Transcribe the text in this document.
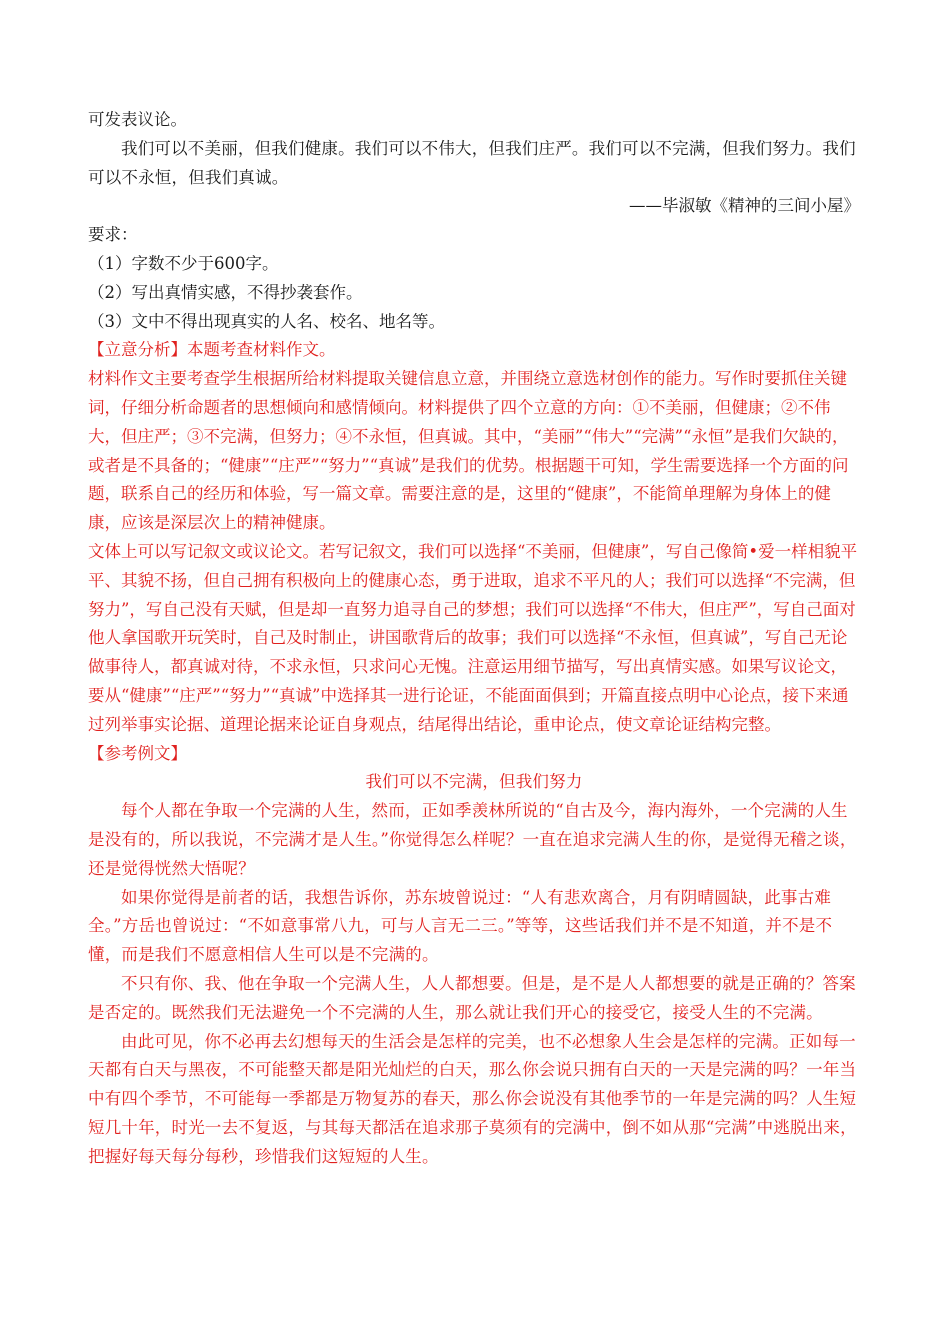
可发表议论。

我们可以不美丽，但我们健康。我们可以不伟大，但我们庄严。我们可以不完满，但我们努力。我们可以不永恒，但我们真诚。

——毕淑敏《精神的三间小屋》

要求：

（1）字数不少于600字。

（2）写出真情实感，不得抄袭套作。

（3）文中不得出现真实的人名、校名、地名等。

【立意分析】本题考查材料作文。

材料作文主要考查学生根据所给材料提取关键信息立意，并围绕立意选材创作的能力。写作时要抓住关键词，仔细分析命题者的思想倾向和感情倾向。材料提供了四个立意的方向：①不美丽，但健康；②不伟大，但庄严；③不完满，但努力；④不永恒，但真诚。其中，“美丽”“伟大”“完满”“永恒”是我们欠缺的，或者是不具备的；“健康”“庄严”“努力”“真诚”是我们的优势。根据题干可知，学生需要选择一个方面的问题，联系自己的经历和体验，写一篇文章。需要注意的是，这里的“健康”，不能简单理解为身体上的健康，应该是深层次上的精神健康。

文体上可以写记叙文或议论文。若写记叙文，我们可以选择“不美丽，但健康”，写自己像简•爱一样相貌平平、其貌不扬，但自己拥有积极向上的健康心态，勇于进取，追求不平凡的人；我们可以选择“不完满，但努力”，写自己没有天赋，但是却一直努力追寻自己的梦想；我们可以选择“不伟大，但庄严”，写自己面对他人拿国歌开玩笑时，自己及时制止，讲国歌背后的故事；我们可以选择“不永恒，但真诚”，写自己无论做事待人，都真诚对待，不求永恒，只求问心无愧。注意运用细节描写，写出真情实感。如果写议论文，要从“健康”“庄严”“努力”“真诚”中选择其一进行论证，不能面面俱到；开篇直接点明中心论点，接下来通过列举事实论据、道理论据来论证自身观点，结尾得出结论，重申论点，使文章论证结构完整。

【参考例文】

我们可以不完满，但我们努力

每个人都在争取一个完满的人生，然而，正如季羡林所说的“自古及今，海内海外，一个完满的人生是没有的，所以我说，不完满才是人生。”你觉得怎么样呢？一直在追求完满人生的你，是觉得无稽之谈，还是觉得恍然大悟呢？

如果你觉得是前者的话，我想告诉你，苏东坡曾说过：“人有悲欢离合，月有阴晴圆缺，此事古难全。”方岳也曾说过：“不如意事常八九，可与人言无二三。”等等，这些话我们并不是不知道，并不是不懂，而是我们不愿意相信人生可以是不完满的。

不只有你、我、他在争取一个完满人生，人人都想要。但是，是不是人人都想要的就是正确的？答案是否定的。既然我们无法避免一个不完满的人生，那么就让我们开心的接受它，接受人生的不完满。

由此可见，你不必再去幻想每天的生活会是怎样的完美，也不必想象人生会是怎样的完满。正如每一天都有白天与黑夜，不可能整天都是阳光灿烂的白天，那么你会说只拥有白天的一天是完满的吗？一年当中有四个季节，不可能每一季都是万物复苏的春天，那么你会说没有其他季节的一年是完满的吗？人生短短几十年，时光一去不复返，与其每天都活在追求那子莫须有的完满中，倒不如从那“完满”中逃脱出来，把握好每天每分每秒，珍惜我们这短短的人生。
